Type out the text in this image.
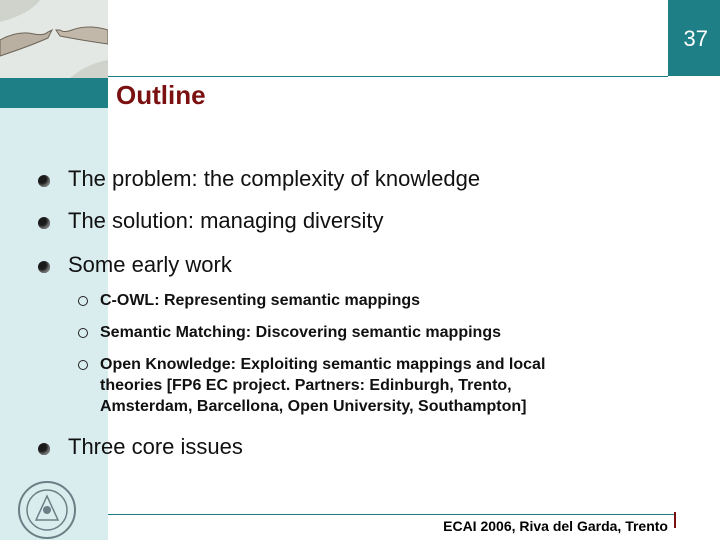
37
Outline
The problem: the complexity of knowledge
The solution: managing diversity
Some early work
C-OWL: Representing semantic mappings
Semantic Matching: Discovering semantic mappings
Open Knowledge: Exploiting semantic mappings and local
theories [FP6 EC project. Partners: Edinburgh, Trento,
Amsterdam, Barcellona, Open University, Southampton]
Three core issues
ECAI 2006, Riva del Garda, Trento
